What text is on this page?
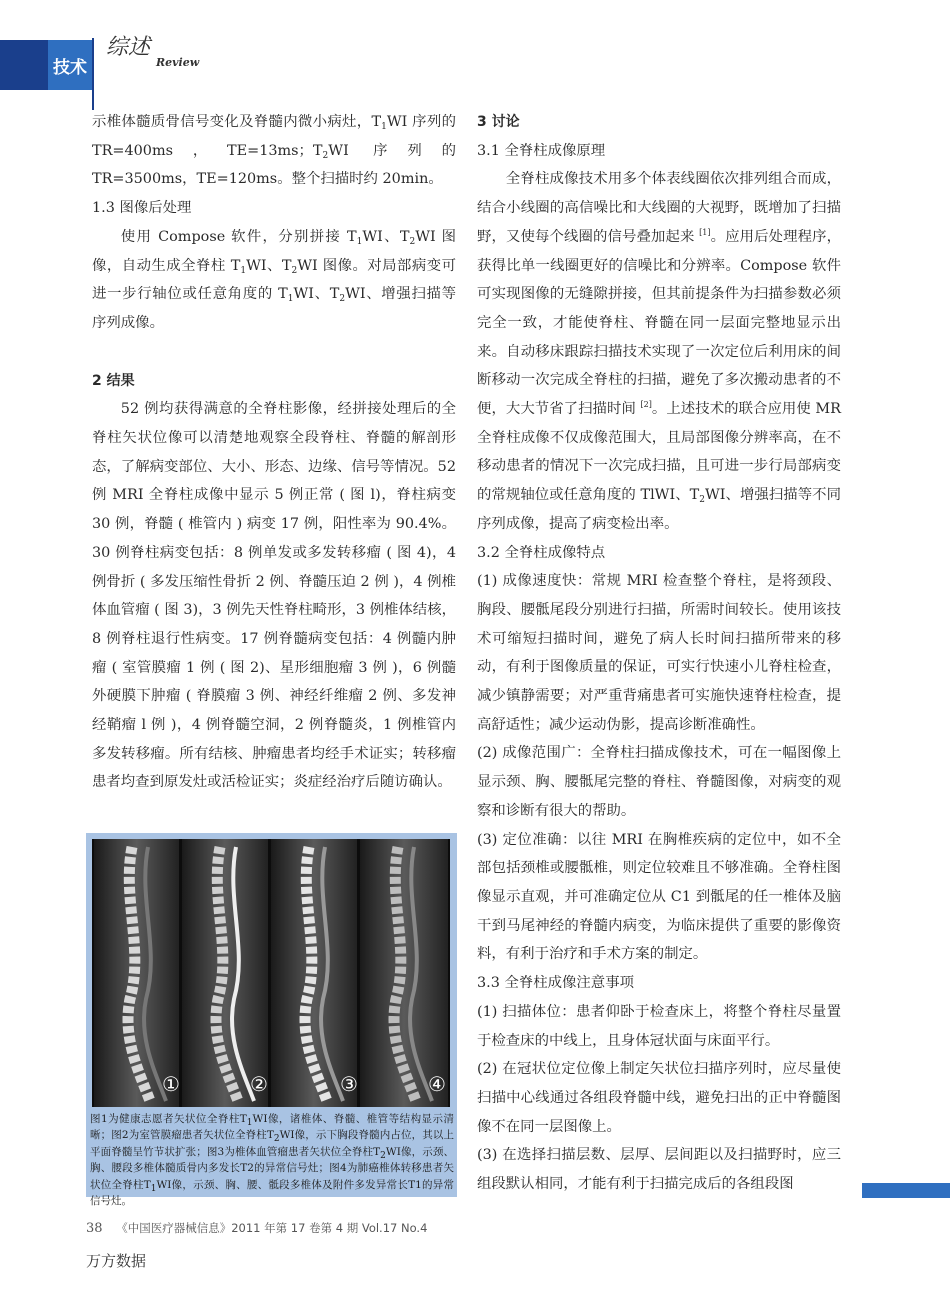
技术
综述
Review

示椎体髓质骨信号变化及脊髓内微小病灶，$T_1WI$ 序列的 TR=400ms，TE=13ms；$T_2WI$ 序列的 TR=3500ms，TE=120ms。整个扫描时约 20min。

1.3 图像后处理

使用 Compose 软件，分别拼接 $T_1WI$、$T_2WI$ 图像，自动生成全脊柱 $T_1WI$、$T_2WI$ 图像。对局部病变可进一步行轴位或任意角度的 $T_1WI$、$T_2WI$、增强扫描等序列成像。

2 结果

52 例均获得满意的全脊柱影像，经拼接处理后的全脊柱矢状位像可以清楚地观察全段脊柱、脊髓的解剖形态，了解病变部位、大小、形态、边缘、信号等情况。52 例 MRI 全脊柱成像中显示 5 例正常 ( 图 l)，脊柱病变 30 例，脊髓 ( 椎管内 ) 病变 17 例，阳性率为 90.4%。30 例脊柱病变包括：8 例单发或多发转移瘤 ( 图 4)，4 例骨折 ( 多发压缩性骨折 2 例、脊髓压迫 2 例 )，4 例椎体血管瘤 ( 图 3)，3 例先天性脊柱畸形，3 例椎体结核，8 例脊柱退行性病变。17 例脊髓病变包括：4 例髓内肿瘤 ( 室管膜瘤 1 例 ( 图 2)、星形细胞瘤 3 例 )，6 例髓外硬膜下肿瘤 ( 脊膜瘤 3 例、神经纤维瘤 2 例、多发神经鞘瘤 l 例 )，4 例脊髓空洞，2 例脊髓炎，1 例椎管内多发转移瘤。所有结核、肿瘤患者均经手术证实；转移瘤患者均查到原发灶或活检证实；炎症经治疗后随访确认。

①	②	③	④

图1为健康志愿者矢状位全脊柱$T_1WI$像，诸椎体、脊髓、椎管等结构显示清晰；图2为室管膜瘤患者矢状位全脊柱$T_2WI$像，示下胸段脊髓内占位，其以上平面脊髓呈竹节状扩张；图3为椎体血管瘤患者矢状位全脊柱$T_2WI$像，示颈、胸、腰段多椎体髓质骨内多发长T2的异常信号灶；图4为肺癌椎体转移患者矢状位全脊柱$T_1WI$像，示颈、胸、腰、骶段多椎体及附件多发异常长T1的异常信号灶。

3 讨论

3.1 全脊柱成像原理

全脊柱成像技术用多个体表线圈依次排列组合而成，结合小线圈的高信噪比和大线圈的大视野，既增加了扫描野，又使每个线圈的信号叠加起来 [1]。应用后处理程序，获得比单一线圈更好的信噪比和分辨率。Compose 软件可实现图像的无缝隙拼接，但其前提条件为扫描参数必须完全一致，才能使脊柱、脊髓在同一层面完整地显示出来。自动移床跟踪扫描技术实现了一次定位后利用床的间断移动一次完成全脊柱的扫描，避免了多次搬动患者的不便，大大节省了扫描时间 [2]。上述技术的联合应用使 MR 全脊柱成像不仅成像范围大，且局部图像分辨率高，在不移动患者的情况下一次完成扫描，且可进一步行局部病变的常规轴位或任意角度的 TlWI、$T_2WI$、增强扫描等不同序列成像，提高了病变检出率。

3.2 全脊柱成像特点

(1) 成像速度快：常规 MRI 检查整个脊柱，是将颈段、胸段、腰骶尾段分别进行扫描，所需时间较长。使用该技术可缩短扫描时间，避免了病人长时间扫描所带来的移动，有利于图像质量的保证，可实行快速小儿脊柱检查，减少镇静需要；对严重背痛患者可实施快速脊柱检查，提高舒适性；减少运动伪影，提高诊断准确性。

(2) 成像范围广：全脊柱扫描成像技术，可在一幅图像上显示颈、胸、腰骶尾完整的脊柱、脊髓图像，对病变的观察和诊断有很大的帮助。

(3) 定位准确：以往 MRI 在胸椎疾病的定位中，如不全部包括颈椎或腰骶椎，则定位较难且不够准确。全脊柱图像显示直观，并可准确定位从 C1 到骶尾的任一椎体及脑干到马尾神经的脊髓内病变，为临床提供了重要的影像资料，有利于治疗和手术方案的制定。

3.3 全脊柱成像注意事项

(1) 扫描体位：患者仰卧于检查床上，将整个脊柱尽量置于检查床的中线上，且身体冠状面与床面平行。

(2) 在冠状位定位像上制定矢状位扫描序列时，应尽量使扫描中心线通过各组段脊髓中线，避免扫出的正中脊髓图像不在同一层图像上。

(3) 在选择扫描层数、层厚、层间距以及扫描野时，应三组段默认相同，才能有利于扫描完成后的各组段图

38 《中国医疗器械信息》2011 年第 17 卷第 4 期 Vol.17 No.4
万方数据
